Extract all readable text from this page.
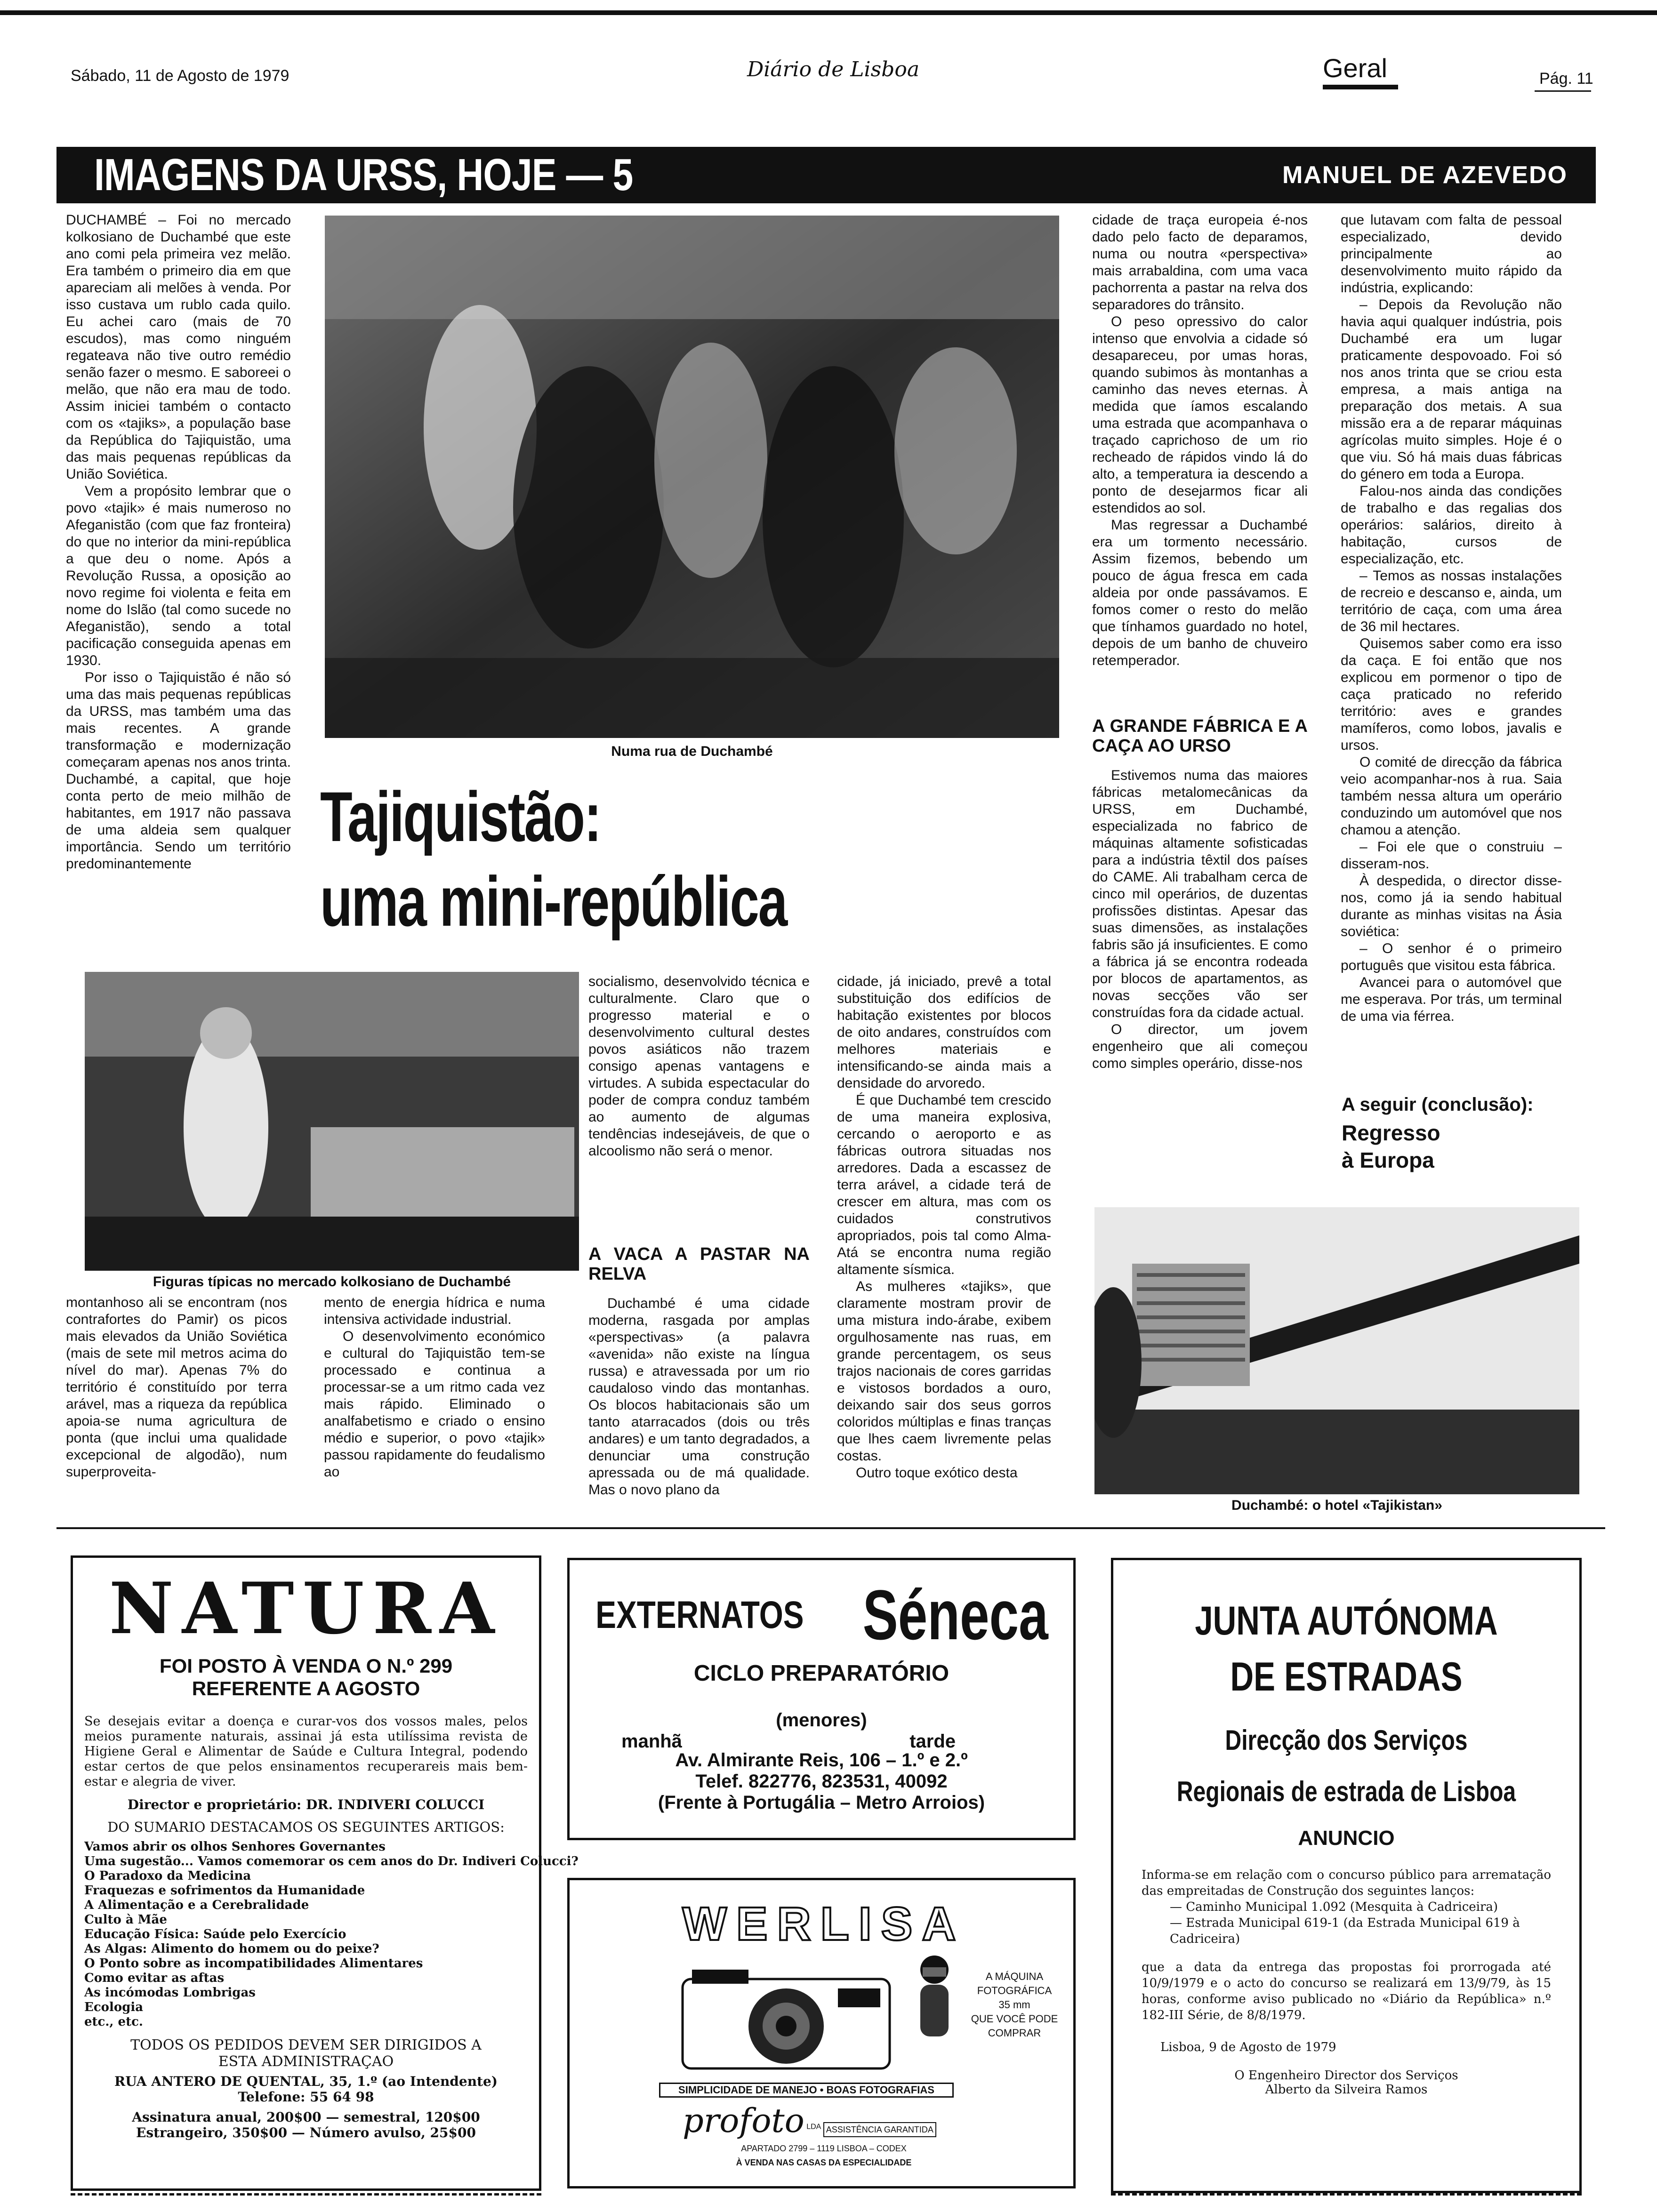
Sábado, 11 de Agosto de 1979	Diário de Lisboa	Geral	Pág. 11
IMAGENS DA URSS, HOJE — 5	MANUEL DE AZEVEDO

DUCHAMBÉ – Foi no mercado kolkosiano de Duchambé que este ano comi pela primeira vez melão. Era também o primeiro dia em que apareciam ali melões à venda. Por isso custava um rublo cada quilo. Eu achei caro (mais de 70 escudos), mas como ninguém regateava não tive outro remédio senão fazer o mesmo. E saboreei o melão, que não era mau de todo. Assim iniciei também o contacto com os «tajiks», a população base da República do Tajiquistão, uma das mais pequenas repúblicas da União Soviética.

Vem a propósito lembrar que o povo «tajik» é mais numeroso no Afeganistão (com que faz fronteira) do que no interior da mini-república a que deu o nome. Após a Revolução Russa, a oposição ao novo regime foi violenta e feita em nome do Islão (tal como sucede no Afeganistão), sendo a total pacificação conseguida apenas em 1930.

Por isso o Tajiquistão é não só uma das mais pequenas repúblicas da URSS, mas também uma das mais recentes. A grande transformação e modernização começaram apenas nos anos trinta. Duchambé, a capital, que hoje conta perto de meio milhão de habitantes, em 1917 não passava de uma aldeia sem qualquer importância. Sendo um território predominantemente

Numa rua de Duchambé
Tajiquistão:
uma mini-república
Figuras típicas no mercado kolkosiano de Duchambé

montanhoso ali se encontram (nos contrafortes do Pamir) os picos mais elevados da União Soviética (mais de sete mil metros acima do nível do mar). Apenas 7% do território é constituído por terra arável, mas a riqueza da república apoia-se numa agricultura de ponta (que inclui uma qualidade excepcional de algodão), num superproveita-

mento de energia hídrica e numa intensiva actividade industrial.

O desenvolvimento económico e cultural do Tajiquistão tem-se processado e continua a processar-se a um ritmo cada vez mais rápido. Eliminado o analfabetismo e criado o ensino médio e superior, o povo «tajik» passou rapidamente do feudalismo ao

socialismo, desenvolvido técnica e culturalmente. Claro que o progresso material e o desenvolvimento cultural destes povos asiáticos não trazem consigo apenas vantagens e virtudes. A subida espectacular do poder de compra conduz também ao aumento de algumas tendências indesejáveis, de que o alcoolismo não será o menor.

A VACA A PASTAR NA RELVA

Duchambé é uma cidade moderna, rasgada por amplas «perspectivas» (a palavra «avenida» não existe na língua russa) e atravessada por um rio caudaloso vindo das montanhas. Os blocos habitacionais são um tanto atarracados (dois ou três andares) e um tanto degradados, a denunciar uma construção apressada ou de má qualidade. Mas o novo plano da

cidade, já iniciado, prevê a total substituição dos edifícios de habitação existentes por blocos de oito andares, construídos com melhores materiais e intensificando-se ainda mais a densidade do arvoredo.

É que Duchambé tem crescido de uma maneira explosiva, cercando o aeroporto e as fábricas outrora situadas nos arredores. Dada a escassez de terra arável, a cidade terá de crescer em altura, mas com os cuidados construtivos apropriados, pois tal como Alma-Atá se encontra numa região altamente sísmica.

As mulheres «tajiks», que claramente mostram provir de uma mistura indo-árabe, exibem orgulhosamente nas ruas, em grande percentagem, os seus trajos nacionais de cores garridas e vistosos bordados a ouro, deixando sair dos seus gorros coloridos múltiplas e finas tranças que lhes caem livremente pelas costas.

Outro toque exótico desta

cidade de traça europeia é-nos dado pelo facto de deparamos, numa ou noutra «perspectiva» mais arrabaldina, com uma vaca pachorrenta a pastar na relva dos separadores do trânsito.

O peso opressivo do calor intenso que envolvia a cidade só desapareceu, por umas horas, quando subimos às montanhas a caminho das neves eternas. À medida que íamos escalando uma estrada que acompanhava o traçado caprichoso de um rio recheado de rápidos vindo lá do alto, a temperatura ia descendo a ponto de desejarmos ficar ali estendidos ao sol.

Mas regressar a Duchambé era um tormento necessário. Assim fizemos, bebendo um pouco de água fresca em cada aldeia por onde passávamos. E fomos comer o resto do melão que tínhamos guardado no hotel, depois de um banho de chuveiro retemperador.

A GRANDE FÁBRICA E A CAÇA AO URSO

Estivemos numa das maiores fábricas metalomecânicas da URSS, em Duchambé, especializada no fabrico de máquinas altamente sofisticadas para a indústria têxtil dos países do CAME. Ali trabalham cerca de cinco mil operários, de duzentas profissões distintas. Apesar das suas dimensões, as instalações fabris são já insuficientes. E como a fábrica já se encontra rodeada por blocos de apartamentos, as novas secções vão ser construídas fora da cidade actual.

O director, um jovem engenheiro que ali começou como simples operário, disse-nos

que lutavam com falta de pessoal especializado, devido principalmente ao desenvolvimento muito rápido da indústria, explicando:

– Depois da Revolução não havia aqui qualquer indústria, pois Duchambé era um lugar praticamente despovoado. Foi só nos anos trinta que se criou esta empresa, a mais antiga na preparação dos metais. A sua missão era a de reparar máquinas agrícolas muito simples. Hoje é o que viu. Só há mais duas fábricas do género em toda a Europa.

Falou-nos ainda das condições de trabalho e das regalias dos operários: salários, direito à habitação, cursos de especialização, etc.

– Temos as nossas instalações de recreio e descanso e, ainda, um território de caça, com uma área de 36 mil hectares.

Quisemos saber como era isso da caça. E foi então que nos explicou em pormenor o tipo de caça praticado no referido território: aves e grandes mamíferos, como lobos, javalis e ursos.

O comité de direcção da fábrica veio acompanhar-nos à rua. Saia também nessa altura um operário conduzindo um automóvel que nos chamou a atenção.

– Foi ele que o construiu – disseram-nos.

À despedida, o director disse-nos, como já ia sendo habitual durante as minhas visitas na Ásia soviética:

– O senhor é o primeiro português que visitou esta fábrica.

Avancei para o automóvel que me esperava. Por trás, um terminal de uma via férrea.

A seguir (conclusão):
Regresso
à Europa
Duchambé: o hotel «Tajikistan»
NATURA
FOI POSTO À VENDA O N.º 299
REFERENTE A AGOSTO
Se desejais evitar a doença e curar-vos dos vossos males, pelos meios puramente naturais, assinai já esta utilíssima revista de Higiene Geral e Alimentar de Saúde e Cultura Integral, podendo estar certos de que pelos ensinamentos recuperareis mais bem-estar e alegria de viver.
Director e proprietário: DR. INDIVERI COLUCCI
DO SUMARIO DESTACAMOS OS SEGUINTES ARTIGOS:
Vamos abrir os olhos Senhores Governantes
Uma sugestão... Vamos comemorar os cem anos do Dr. Indiveri Colucci?
O Paradoxo da Medicina
Fraquezas e sofrimentos da Humanidade
A Alimentação e a Cerebralidade
Culto à Mãe
Educação Física: Saúde pelo Exercício
As Algas: Alimento do homem ou do peixe?
O Ponto sobre as incompatibilidades Alimentares
Como evitar as aftas
As incómodas Lombrigas
Ecologia
etc., etc.
TODOS OS PEDIDOS DEVEM SER DIRIGIDOS A ESTA ADMINISTRAÇAO
RUA ANTERO DE QUENTAL, 35, 1.º (ao Intendente)
Telefone: 55 64 98
Assinatura anual, 200$00 — semestral, 120$00
Estrangeiro, 350$00 — Número avulso, 25$00
EXTERNATOS Séneca
CICLO PREPARATÓRIO
(menores)
manhã	tarde
Av. Almirante Reis, 106 – 1.º e 2.º
Telef. 822776, 823531, 40092
(Frente à Portugália – Metro Arroios)
WERLISA
A MÁQUINA FOTOGRÁFICA
35 mm
QUE VOCÊ PODE COMPRAR
SIMPLICIDADE DE MANEJO • BOAS FOTOGRAFIAS
profoto $^{LDA}$ ASSISTÊNCIA GARANTIDA
APARTADO 2799 – 1119 LISBOA – CODEX
À VENDA NAS CASAS DA ESPECIALIDADE
JUNTA AUTÓNOMA
DE ESTRADAS
Direcção dos Serviços
Regionais de estrada de Lisboa
ANUNCIO
Informa-se em relação com o concurso público para arrematação das empreitadas de Construção dos seguintes lanços:
— Caminho Municipal 1.092 (Mesquita à Cadriceira)
— Estrada Municipal 619-1 (da Estrada Municipal 619 à Cadriceira)
que a data da entrega das propostas foi prorrogada até 10/9/1979 e o acto do concurso se realizará em 13/9/79, às 15 horas, conforme aviso publicado no «Diário da República» n.º 182-III Série, de 8/8/1979.
Lisboa, 9 de Agosto de 1979
O Engenheiro Director dos Serviços
Alberto da Silveira Ramos
